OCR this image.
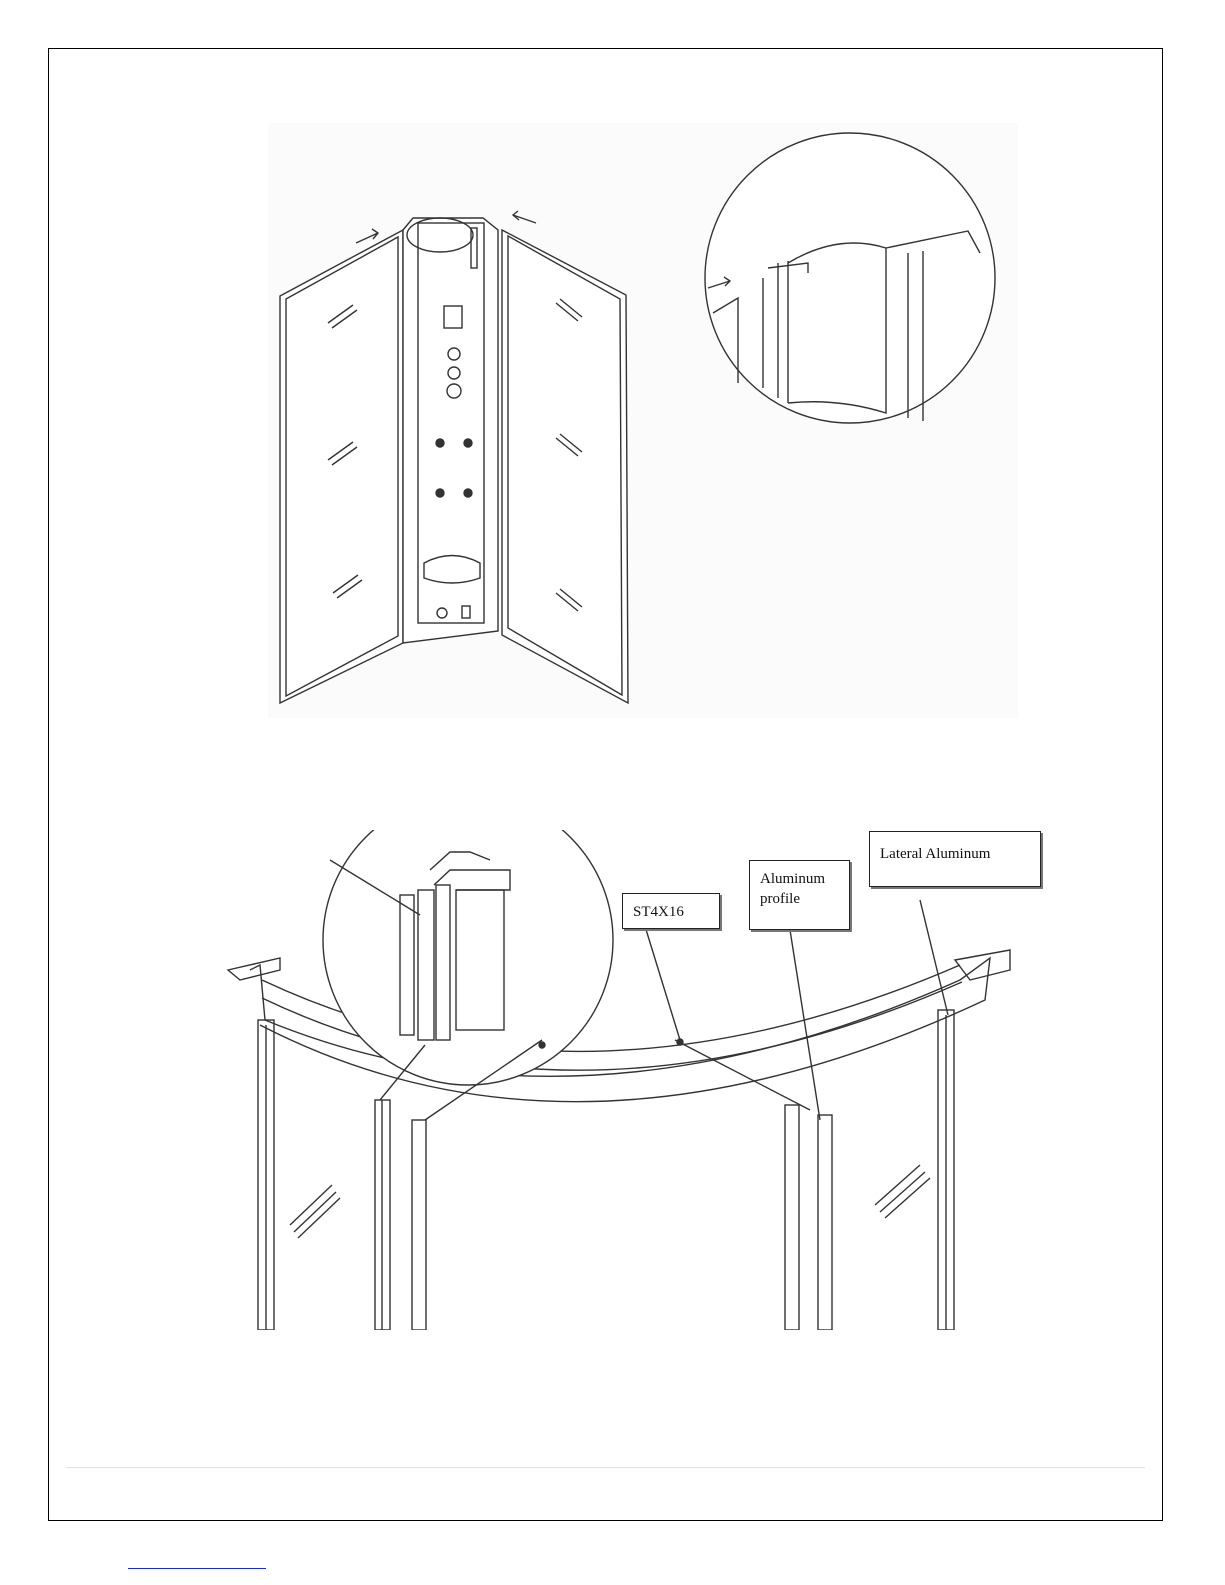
ST4X16
Aluminum profile
Lateral Aluminum
